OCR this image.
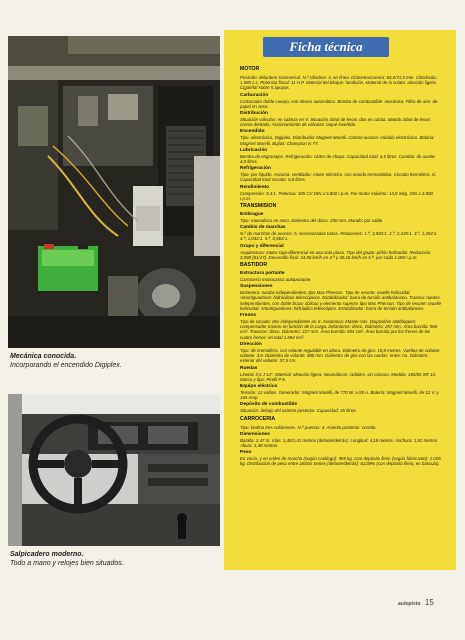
Mecánica conocida.
Incorporando el encendido Digiplex.
Salpicadero moderno.
Todo a mano y relojes bien situados.
Ficha técnica
MOTOR
Posición: delantero transversal. N.º cilindros: 4, en línea. Diámetro/carrera: 84,0/71,5 mm. Cilindrada: 1.585 c.c. Potencia fiscal: 11 H.P. Material del bloque: fundición. Material de la culata: aleación ligera. Cigüeñal sobre 5 apoyos.
Carburación
Carburador doble cuerpo, con ahorro automático. Bomba de combustible: mecánica. Filtro de aire: de papel en seco.
Distribución
Situación válvulas: en cabeza en V. Situación árbol de levas: dos en culata. Mando árbol de levas: correa dentada. Accionamiento de válvulas: taqué invertido.
Encendido
Tipo: electrónico, Digiplex. Distribuidor Magneti Marelli. Control avance: módulo electrónico. Bobina: Magneti Marelli. Bujías: Champion N 7Y.
Lubricación
Bomba de engranajes. Refrigeración: cárter de chapa. Capacidad total: 4,5 litros. Cambio: de aceite: 4,0 litros.
Refrigeración
Tipo: por líquido. Acciona: ventilador: motor eléctrico, con mando termostático. Circuito hermético: sí. Capacidad total circuito: 6,8 litros.
Rendimiento
Compresión: 9,3:1. Potencia: 105 CV DIN a 5.800 r.p.m. Par motor máximo: 13,8 mkg. DIN a 3.800 r.p.m.
TRANSMISION
Embrague
Tipo: monodisco en seco. Diámetro del disco: 200 mm. Mando: por cable.
Cambio de marchas
N.º de marchas de avance: 5, sincronizadas todas. Relaciones: 1.ª, 3,583:1. 2.ª, 2,235:1. 3.ª, 1,454:1. 4.ª, 1,042:1. 5.ª, 0,863:1.
Grupo y diferencial
Arquitectura: motor-caja-diferencial en una sola pieza. Tipo del grupo: piñón helicoidal. Reducción: 3,588 (61/17). Desarrollo final: 34,96 km/h en 4.ª y 30,18 km/h en 5.ª, por cada 1.000 r.p.m.
BASTIDOR
Estructura portante
Carrocería monocasco autoportante.
Suspensiones
Delantera: ruedas independientes, tipo Mac Pherson. Tipo de resorte: muelle helicoidal. Amortiguadores: hidráulicos telescópicos. Estabilizador: barra de torsión antibalanceo. Trasera: ruedas independientes, con doble brazo oblicuo y elemento superior tipo Mac Pherson. Tipo de resorte: muelle helicoidal. Amortiguadores: hidráulico telescópico. Estabilizador: barra de torsión antibalanceo.
Frenos
Tipo de circuito: dos independientes en X. Asistencia: Master-Vac. Dispositivo antibloqueo: compensador trasero en función de la carga. Delanteros: disco. Diámetro: 257 mm. Área barrida: 960 cm². Traseros: disco. Diámetro: 227 mm. Área barrida: 654 cm². Área barrida por los frenos de los cuatro frenos: en total 1.694 cm².
Dirección
Tipo: de cremallera, con volante regulable en altura. Diámetro de giro: 10,8 metros. Vueltas de volante: volante: 3,9. Diámetro de volante: 380 mm. Diámetro de giro con las ruedas: entre: no. Diámetro exterior del volante: 37,5 cm.
Ruedas
Llantas 5,5 J 14". Material: aleación ligera. Neumáticos: radiales, sin cámara. Medida: 165/65 SR 14. Marca y tipo: Pirelli P 6.
Equipo eléctrico
Tensión: 12 voltios. Generador: Magneti Marelli, de 770 W. a 55 A. Batería: Magneti Marelli, de 12 V. y 165 Amp.
Depósito de combustible
Situación: debajo del asiento posterior. Capacidad: 45 litros.
CARROCERIA
Tipo: berlina tres volúmenes. N.º puertas: 4. Asiento posterior: corrido.
Dimensiones
Batalla: 2,47 m. Vías: 1,40/1,41 metros (delante/detrás). Longitud: 4,18 metros. Anchura: 1,62 metros. Altura: 1,38 metros.
Peso
En vacío, y en orden de marcha (según catálogo): 985 kg. Con depósito lleno (según fabricante): 1.005 kg. Distribución de peso entre ambos trenes (delante/detrás): 61/39% (con depósito lleno, en báscula).
autopista 15
